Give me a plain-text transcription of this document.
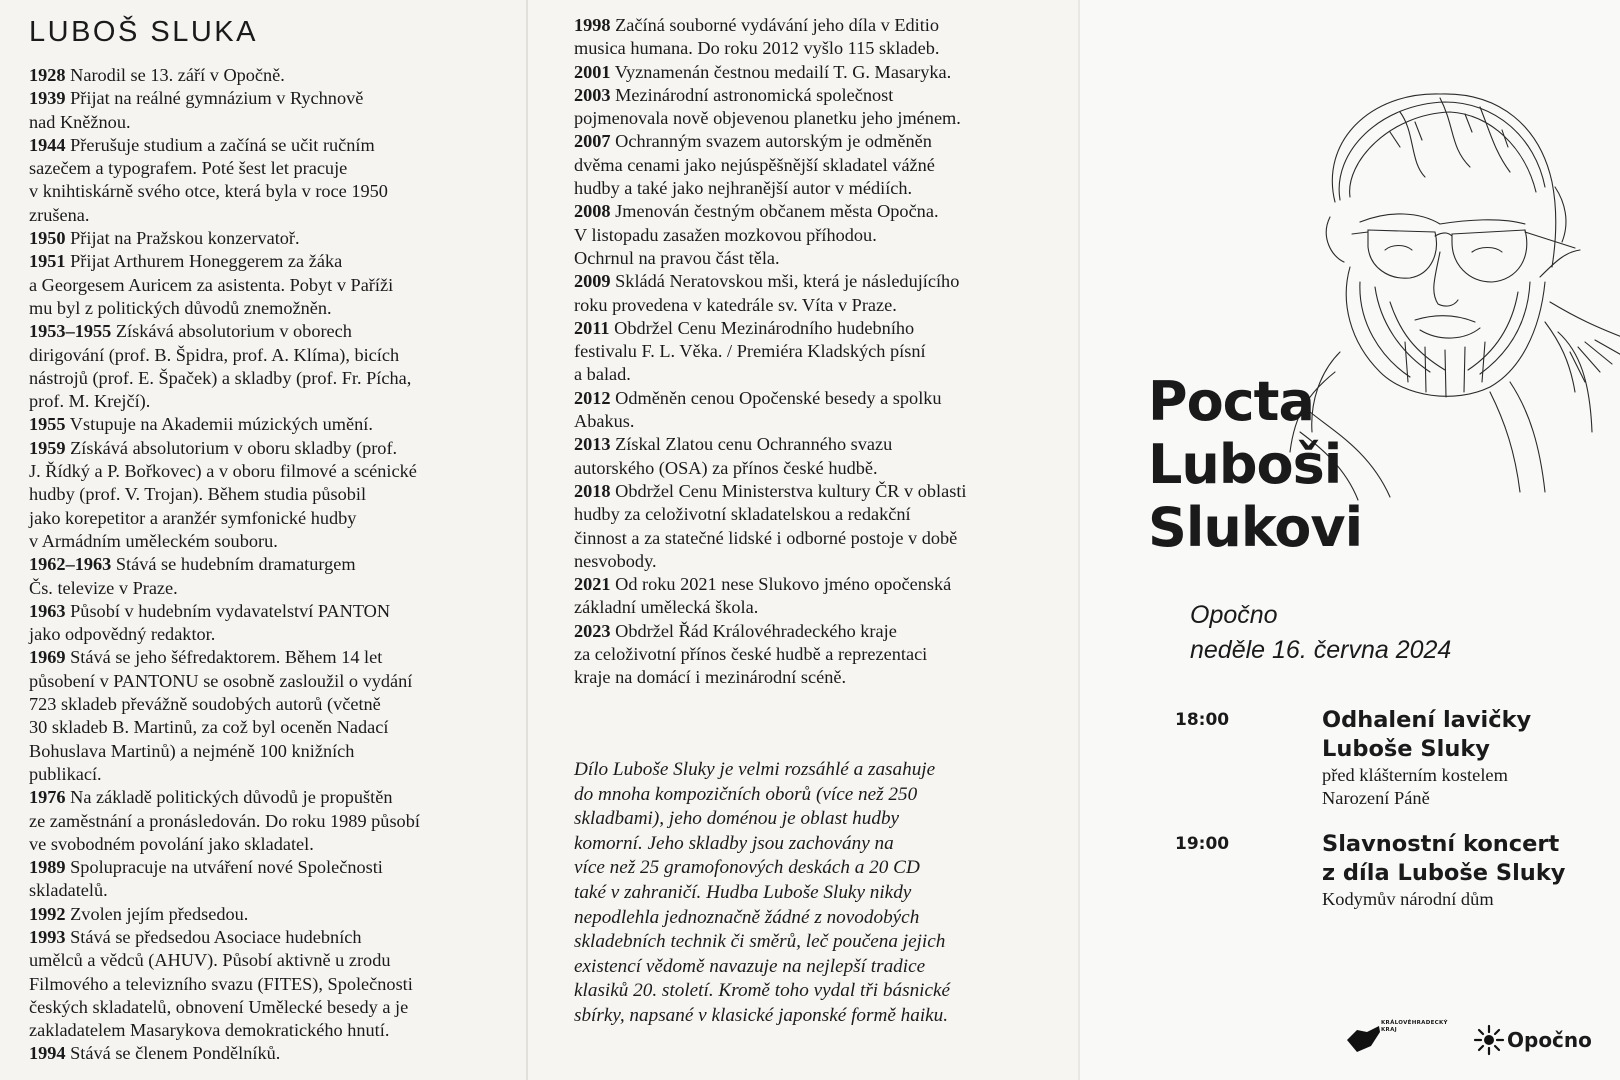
LUBOŠ SLUKA
1928 Narodil se 13. září v Opočně.
1939 Přijat na reálné gymnázium v Rychnově
nad Kněžnou.
1944 Přerušuje studium a začíná se učit ručním
sazečem a typografem. Poté šest let pracuje
v knihtiskárně svého otce, která byla v roce 1950
zrušena.
1950 Přijat na Pražskou konzervatoř.
1951 Přijat Arthurem Honeggerem za žáka
a Georgesem Auricem za asistenta. Pobyt v Paříži
mu byl z politických důvodů znemožněn.
1953–1955 Získává absolutorium v oborech
dirigování (prof. B. Špidra, prof. A. Klíma), bicích
nástrojů (prof. E. Špaček) a skladby (prof. Fr. Pícha,
prof. M. Krejčí).
1955 Vstupuje na Akademii múzických umění.
1959 Získává absolutorium v oboru skladby (prof.
J. Řídký a P. Bořkovec) a v oboru filmové a scénické
hudby (prof. V. Trojan). Během studia působil
jako korepetitor a aranžér symfonické hudby
v Armádním uměleckém souboru.
1962–1963 Stává se hudebním dramaturgem
Čs. televize v Praze.
1963 Působí v hudebním vydavatelství PANTON
jako odpovědný redaktor.
1969 Stává se jeho šéfredaktorem. Během 14 let
působení v PANTONU se osobně zasloužil o vydání
723 skladeb převážně soudobých autorů (včetně
30 skladeb B. Martinů, za což byl oceněn Nadací
Bohuslava Martinů) a nejméně 100 knižních
publikací.
1976 Na základě politických důvodů je propuštěn
ze zaměstnání a pronásledován. Do roku 1989 působí
ve svobodném povolání jako skladatel.
1989 Spolupracuje na utváření nové Společnosti
skladatelů.
1992 Zvolen jejím předsedou.
1993 Stává se předsedou Asociace hudebních
umělců a vědců (AHUV). Působí aktivně u zrodu
Filmového a televizního svazu (FITES), Společnosti
českých skladatelů, obnovení Umělecké besedy a je
zakladatelem Masarykova demokratického hnutí.
1994 Stává se členem Pondělníků.
1998 Začíná souborné vydávání jeho díla v Editio
musica humana. Do roku 2012 vyšlo 115 skladeb.
2001 Vyznamenán čestnou medailí T. G. Masaryka.
2003 Mezinárodní astronomická společnost
pojmenovala nově objevenou planetku jeho jménem.
2007 Ochranným svazem autorským je odměněn
dvěma cenami jako nejúspěšnější skladatel vážné
hudby a také jako nejhranější autor v médiích.
2008 Jmenován čestným občanem města Opočna.
V listopadu zasažen mozkovou příhodou.
Ochrnul na pravou část těla.
2009 Skládá Neratovskou mši, která je následujícího
roku provedena v katedrále sv. Víta v Praze.
2011 Obdržel Cenu Mezinárodního hudebního
festivalu F. L. Věka. / Premiéra Kladských písní
a balad.
2012 Odměněn cenou Opočenské besedy a spolku
Abakus.
2013 Získal Zlatou cenu Ochranného svazu
autorského (OSA) za přínos české hudbě.
2018 Obdržel Cenu Ministerstva kultury ČR v oblasti
hudby za celoživotní skladatelskou a redakční
činnost a za statečné lidské i odborné postoje v době
nesvobody.
2021 Od roku 2021 nese Slukovo jméno opočenská
základní umělecká škola.
2023 Obdržel Řád Královéhradeckého kraje
za celoživotní přínos české hudbě a reprezentaci
kraje na domácí i mezinárodní scéně.
Dílo Luboše Sluky je velmi rozsáhlé a zasahuje
do mnoha kompozičních oborů (více než 250
skladbami), jeho doménou je oblast hudby
komorní. Jeho skladby jsou zachovány na
více než 25 gramofonových deskách a 20 CD
také v zahraničí. Hudba Luboše Sluky nikdy
nepodlehla jednoznačně žádné z novodobých
skladebních technik či směrů, leč poučena jejich
existencí vědomě navazuje na nejlepší tradice
klasiků 20. století. Kromě toho vydal tři básnické
sbírky, napsané v klasické japonské formě haiku.
Pocta
Luboši
Slukovi
Opočno
neděle 16. června 2024
18:00	Odhalení lavičky
Luboše Sluky
před klášterním kostelem
Narození Páně
19:00	Slavnostní koncert
z díla Luboše Sluky
Kodymův národní dům
KRÁLOVÉHRADECKÝ
KRAJ	Opočno
